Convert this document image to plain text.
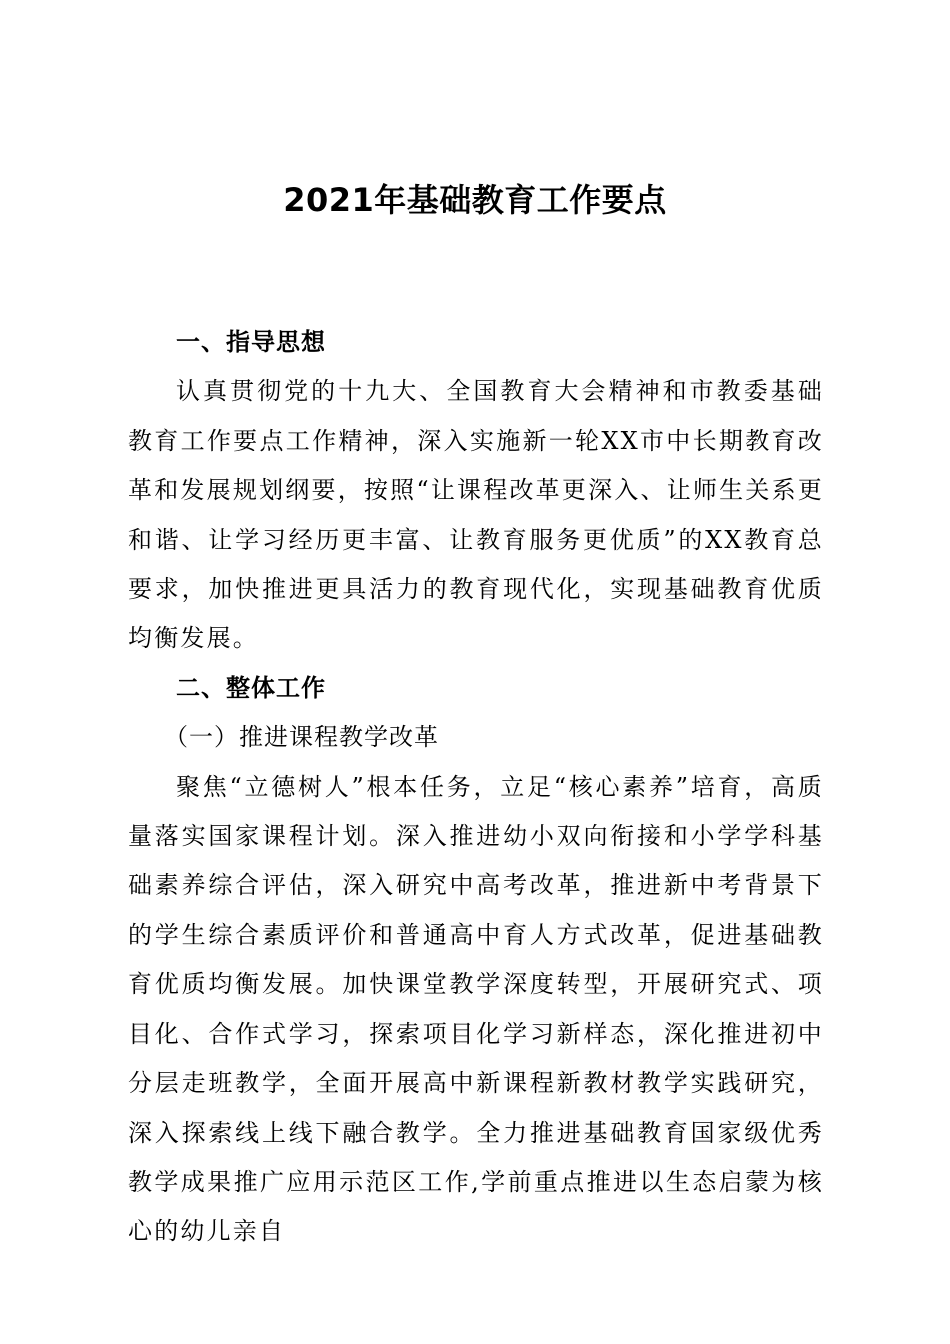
2021年基础教育工作要点

一、指导思想

认真贯彻党的十九大、全国教育大会精神和市教委基础教育工作要点工作精神，深入实施新一轮XX市中长期教育改革和发展规划纲要，按照“让课程改革更深入、让师生关系更和谐、让学习经历更丰富、让教育服务更优质”的XX教育总要求，加快推进更具活力的教育现代化，实现基础教育优质均衡发展。

二、整体工作

（一）推进课程教学改革

聚焦“立德树人”根本任务，立足“核心素养”培育，高质量落实国家课程计划。深入推进幼小双向衔接和小学学科基础素养综合评估，深入研究中高考改革，推进新中考背景下的学生综合素质评价和普通高中育人方式改革，促进基础教育优质均衡发展。加快课堂教学深度转型，开展研究式、项目化、合作式学习，探索项目化学习新样态，深化推进初中分层走班教学，全面开展高中新课程新教材教学实践研究，深入探索线上线下融合教学。全力推进基础教育国家级优秀教学成果推广应用示范区工作,学前重点推进以生态启蒙为核心的幼儿亲自
